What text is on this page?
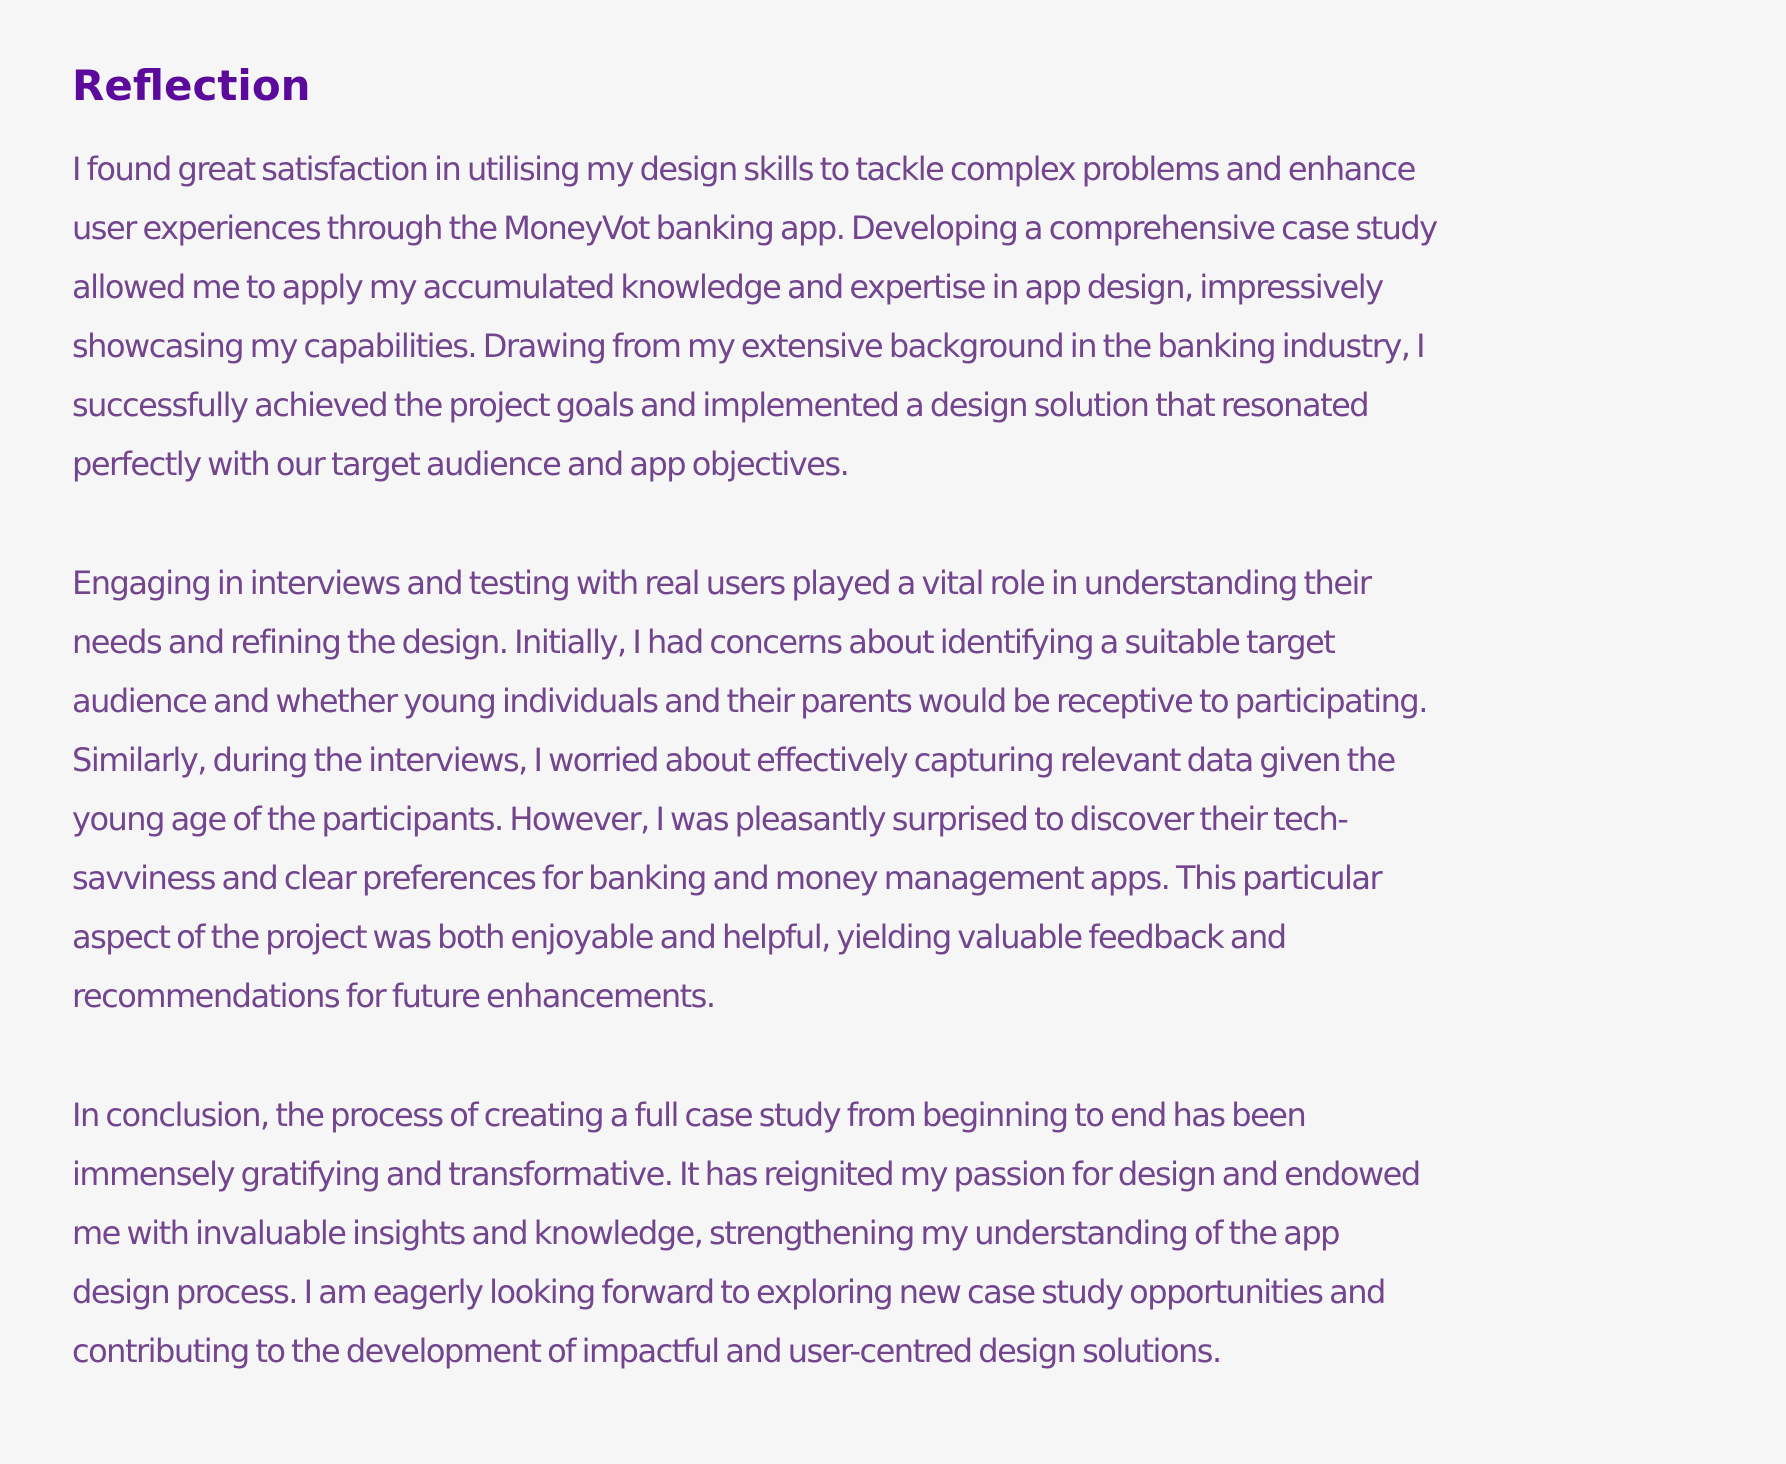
Reflection

I found great satisfaction in utilising my design skills to tackle complex problems and enhance
user experiences through the MoneyVot banking app. Developing a comprehensive case study
allowed me to apply my accumulated knowledge and expertise in app design, impressively
showcasing my capabilities. Drawing from my extensive background in the banking industry, I
successfully achieved the project goals and implemented a design solution that resonated
perfectly with our target audience and app objectives.

Engaging in interviews and testing with real users played a vital role in understanding their
needs and refining the design. Initially, I had concerns about identifying a suitable target
audience and whether young individuals and their parents would be receptive to participating.
Similarly, during the interviews, I worried about effectively capturing relevant data given the
young age of the participants. However, I was pleasantly surprised to discover their tech-
savviness and clear preferences for banking and money management apps. This particular
aspect of the project was both enjoyable and helpful, yielding valuable feedback and
recommendations for future enhancements.

In conclusion, the process of creating a full case study from beginning to end has been
immensely gratifying and transformative. It has reignited my passion for design and endowed
me with invaluable insights and knowledge, strengthening my understanding of the app
design process. I am eagerly looking forward to exploring new case study opportunities and
contributing to the development of impactful and user-centred design solutions.
